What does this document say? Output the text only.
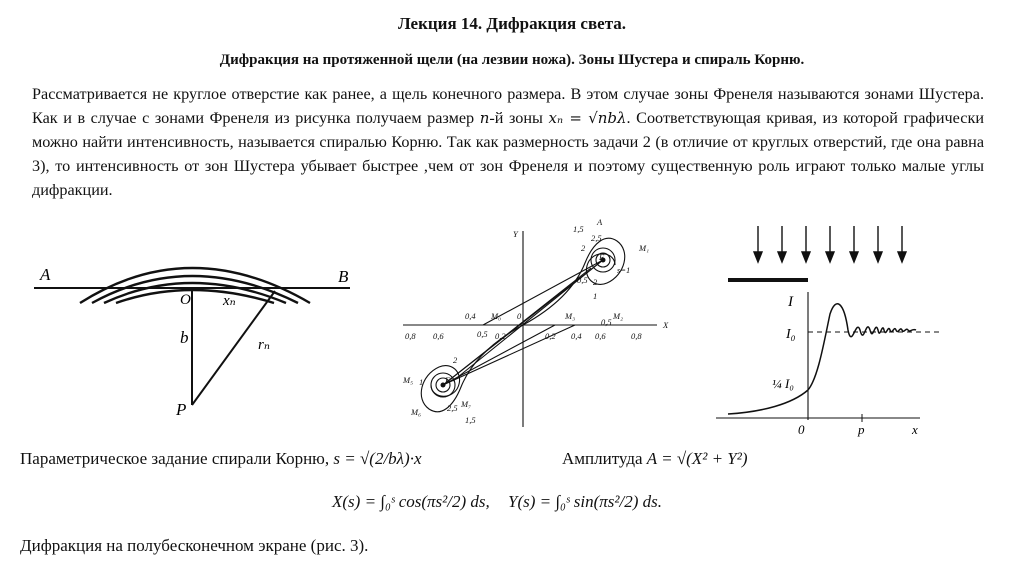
Лекция 14. Дифракция света.
Дифракция на протяженной щели (на лезвии ножа). Зоны Шустера и спираль Корню.
Рассматривается не круглое отверстие как ранее, а щель конечного размера. В этом случае зоны Френеля называются зонами Шустера. Как и в случае с зонами Френеля из рисунка получаем размер n-й зоны xₙ = √nbλ. Соответствующая кривая, из которой графически можно найти интенсивность, называется спиралью Корню. Так как размерность задачи 2 (в отличие от круглых отверстий, где она равна 3), то интенсивность от зон Шустера убывает быстрее ,чем от зон Френеля и поэтому существенную роль играют только малые углы дифракции.
A	B
O xₙ
b	rₙ
P
X
Y
A
1,5
2,5
2
F
M₁
s=1
0,5 2
1
0,8 0,6
0,4
0,2
0
0,2 0,4 0,6	0,8
M₀	M₃	M₂
0,5
0,5
2
M₅ 1	F'
M₆
M₇
2,5
1,5
I
I₀
¼ I₀
0	p	x
Параметрическое задание спирали Корню, s = √(2/bλ)·x	Амплитуда A = √(X² + Y²)
X(s) = ∫₀ˢ cos(πs²/2) ds, Y(s) = ∫₀ˢ sin(πs²/2) ds.
Дифракция на полубесконечном экране (рис. 3).
